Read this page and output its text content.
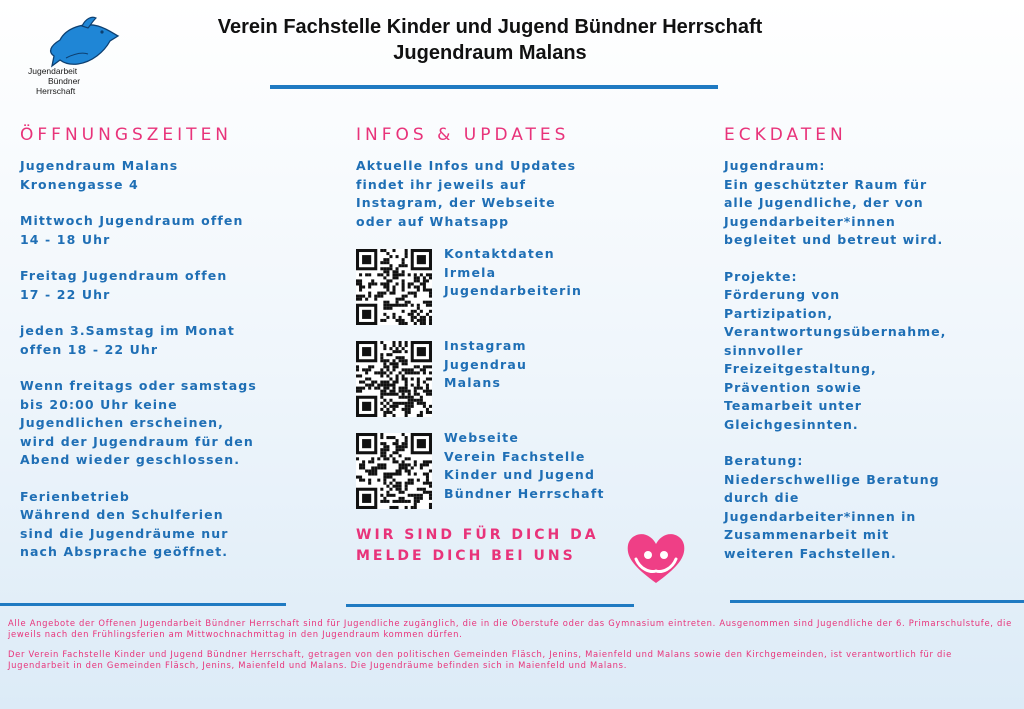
Jugendarbeit
Bündner
Herrschaft
Verein Fachstelle Kinder und Jugend Bündner Herrschaft
Jugendraum Malans
ÖFFNUNGSZEITEN

Jugendraum Malans
Kronengasse 4

Mittwoch Jugendraum offen
14 - 18 Uhr

Freitag Jugendraum offen
17 - 22 Uhr

jeden 3.Samstag im Monat
offen 18 - 22 Uhr

Wenn freitags oder samstags
bis 20:00 Uhr keine
Jugendlichen erscheinen,
wird der Jugendraum für den
Abend wieder geschlossen.

Ferienbetrieb
Während den Schulferien
sind die Jugendräume nur
nach Absprache geöffnet.

INFOS & UPDATES

Aktuelle Infos und Updates
findet ihr jeweils auf
Instagram, der Webseite
oder auf Whatsapp

Kontaktdaten
Irmela
Jugendarbeiterin
Instagram
Jugendrau
Malans
Webseite
Verein Fachstelle
Kinder und Jugend
Bündner Herrschaft
WIR SIND FÜR DICH DA
MELDE DICH BEI UNS
ECKDATEN

Jugendraum:
Ein geschützter Raum für
alle Jugendliche, der von
Jugendarbeiter*innen
begleitet und betreut wird.

Projekte:
Förderung von
Partizipation,
Verantwortungsübernahme,
sinnvoller
Freizeitgestaltung,
Prävention sowie
Teamarbeit unter
Gleichgesinnten.

Beratung:
Niederschwellige Beratung
durch die
Jugendarbeiter*innen in
Zusammenarbeit mit
weiteren Fachstellen.

Alle Angebote der Offenen Jugendarbeit Bündner Herrschaft sind für Jugendliche zugänglich, die in die Oberstufe oder das Gymnasium eintreten. Ausgenommen sind Jugendliche der 6. Primarschulstufe, die jeweils nach den Frühlingsferien am Mittwochnachmittag in den Jugendraum kommen dürfen.

Der Verein Fachstelle Kinder und Jugend Bündner Herrschaft, getragen von den politischen Gemeinden Fläsch, Jenins, Maienfeld und Malans sowie den Kirchgemeinden, ist verantwortlich für die Jugendarbeit in den Gemeinden Fläsch, Jenins, Maienfeld und Malans. Die Jugendräume befinden sich in Maienfeld und Malans.
